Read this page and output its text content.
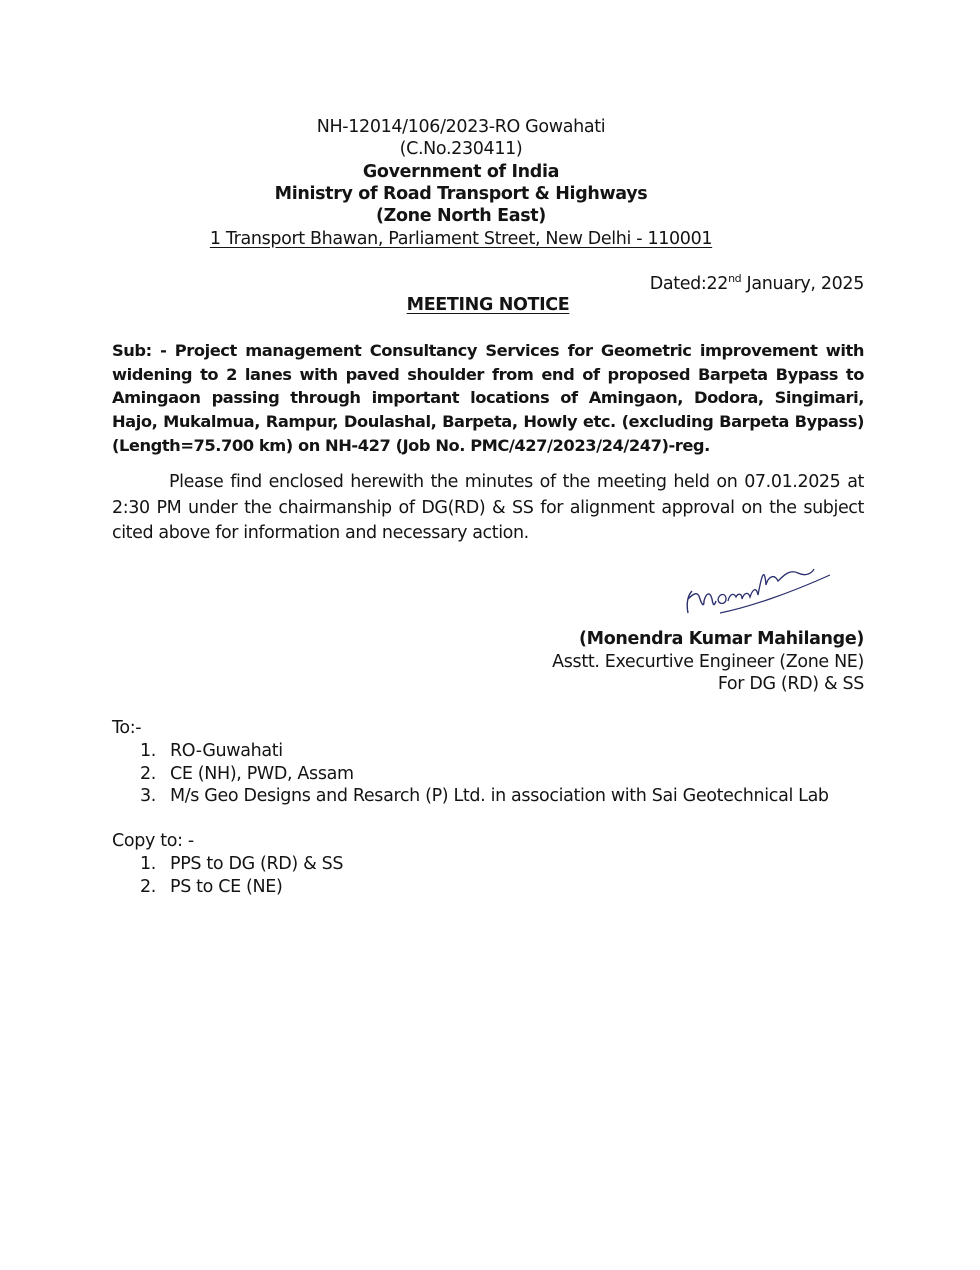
NH-12014/106/2023-RO Gowahati
(C.No.230411)
Government of India
Ministry of Road Transport & Highways
(Zone North East)
1 Transport Bhawan, Parliament Street, New Delhi - 110001
Dated:22nd January, 2025
MEETING NOTICE
Sub: - Project management Consultancy Services for Geometric improvement with widening to 2 lanes with paved shoulder from end of proposed Barpeta Bypass to Amingaon passing through important locations of Amingaon, Dodora, Singimari, Hajo, Mukalmua, Rampur, Doulashal, Barpeta, Howly etc. (excluding Barpeta Bypass) (Length=75.700 km) on NH-427 (Job No. PMC/427/2023/24/247)-reg.
Please find enclosed herewith the minutes of the meeting held on 07.01.2025 at 2:30 PM under the chairmanship of DG(RD) & SS for alignment approval on the subject cited above for information and necessary action.
(Monendra Kumar Mahilange)
Asstt. Execurtive Engineer (Zone NE)
For DG (RD) & SS
To:-
1. RO-Guwahati
2. CE (NH), PWD, Assam
3. M/s Geo Designs and Resarch (P) Ltd. in association with Sai Geotechnical Lab
Copy to: -
1. PPS to DG (RD) & SS
2. PS to CE (NE)
